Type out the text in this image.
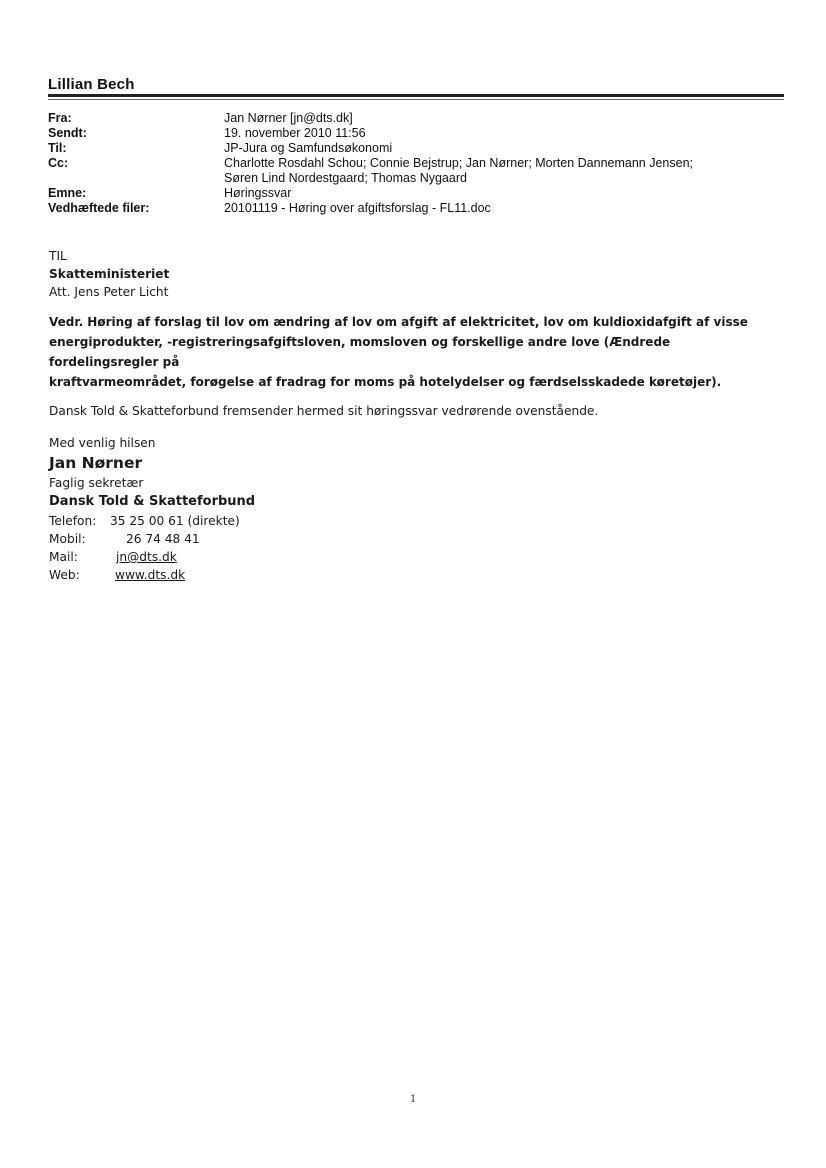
Lillian Bech
Fra:	Jan Nørner [jn@dts.dk]
Sendt:	19. november 2010 11:56
Til:	JP-Jura og Samfundsøkonomi
Cc:	Charlotte Rosdahl Schou; Connie Bejstrup; Jan Nørner; Morten Dannemann Jensen;
Søren Lind Nordestgaard; Thomas Nygaard
Emne:	Høringssvar
Vedhæftede filer:	20101119 - Høring over afgiftsforslag - FL11.doc
TIL
Skatteministeriet
Att. Jens Peter Licht
Vedr. Høring af forslag til lov om ændring af lov om afgift af elektricitet, lov om kuldioxidafgift af visse
energiprodukter, -registreringsafgiftsloven, momsloven og forskellige andre love (Ændrede fordelingsregler på
kraftvarmeområdet, forøgelse af fradrag for moms på hotelydelser og færdselsskadede køretøjer).
Dansk Told & Skatteforbund fremsender hermed sit høringssvar vedrørende ovenstående.
Med venlig hilsen
Jan Nørner
Faglig sekretær
Dansk Told & Skatteforbund
Telefon:	35 25 00 61 (direkte)
Mobil:	26 74 48 41
Mail:	jn@dts.dk
Web:	www.dts.dk
1
